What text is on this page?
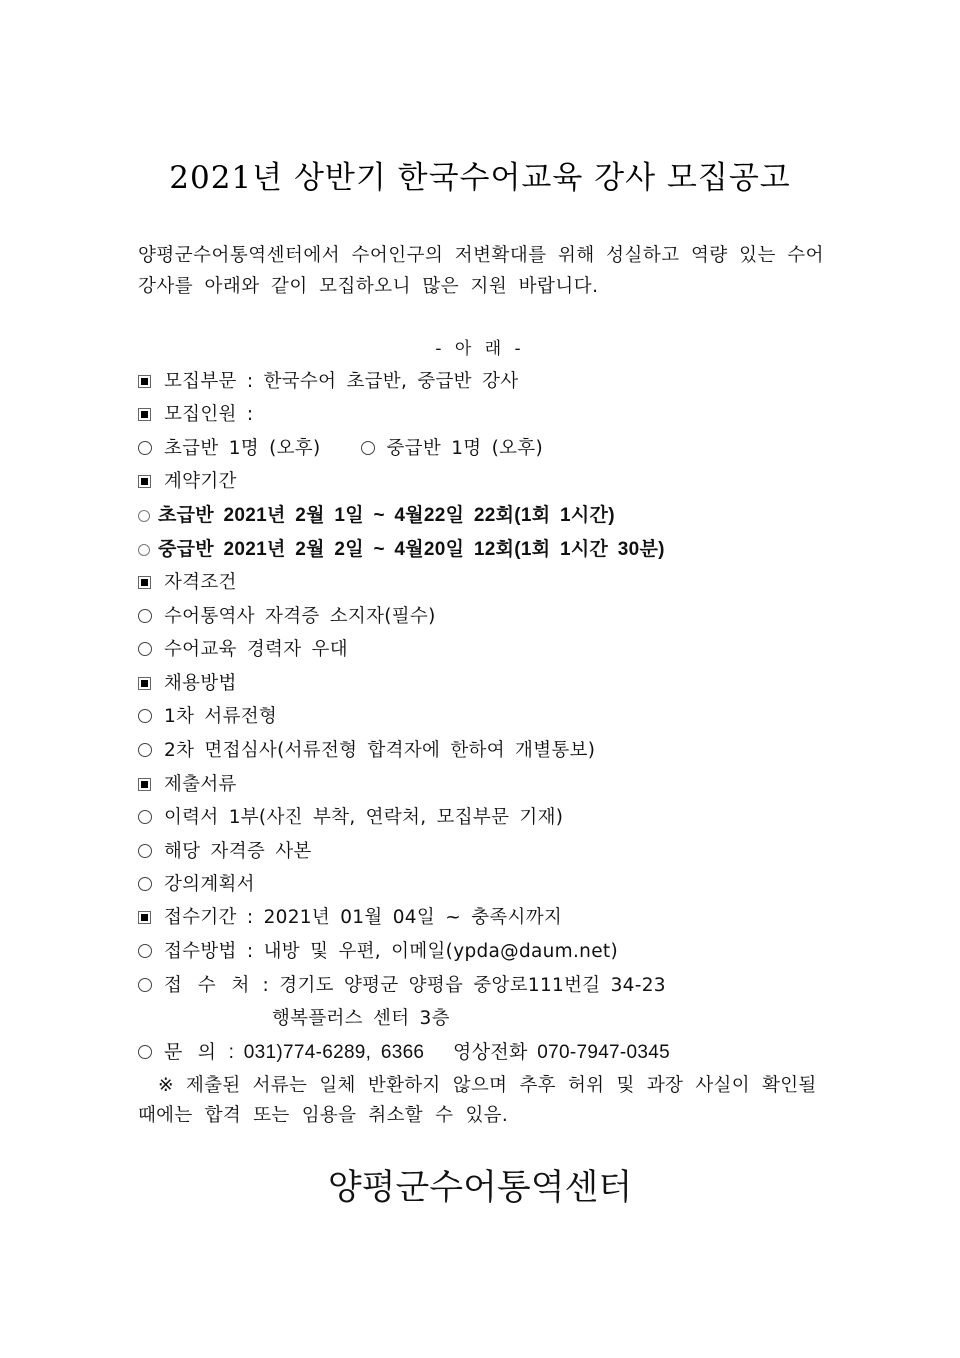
2021년 상반기 한국수어교육 강사 모집공고
양평군수어통역센터에서 수어인구의 저변확대를 위해 성실하고 역량 있는 수어강사를 아래와 같이 모집하오니 많은 지원 바랍니다.
- 아 래 -
모집부문 : 한국수어 초급반, 중급반 강사
모집인원 :
초급반 1명 (오후)	중급반 1명 (오후)
계약기간
초급반 2021년 2월 1일 ~ 4월22일 22회(1회 1시간)
중급반 2021년 2월 2일 ~ 4월20일 12회(1회 1시간 30분)
자격조건
수어통역사 자격증 소지자(필수)
수어교육 경력자 우대
채용방법
1차 서류전형
2차 면접심사(서류전형 합격자에 한하여 개별통보)
제출서류
이력서 1부(사진 부착, 연락처, 모집부문 기재)
해당 자격증 사본
강의계획서
접수기간 : 2021년 01월 04일 ~ 충족시까지
접수방법 : 내방 및 우편, 이메일(ypda@daum.net)
접 수 처 : 경기도 양평군 양평읍 중앙로111번길 34-23
행복플러스 센터 3층
문 의 : 031)774-6289, 6366   영상전화 070-7947-0345
※ 제출된 서류는 일체 반환하지 않으며 추후 허위 및 과장 사실이 확인될
때에는 합격 또는 임용을 취소할 수 있음.
양평군수어통역센터
